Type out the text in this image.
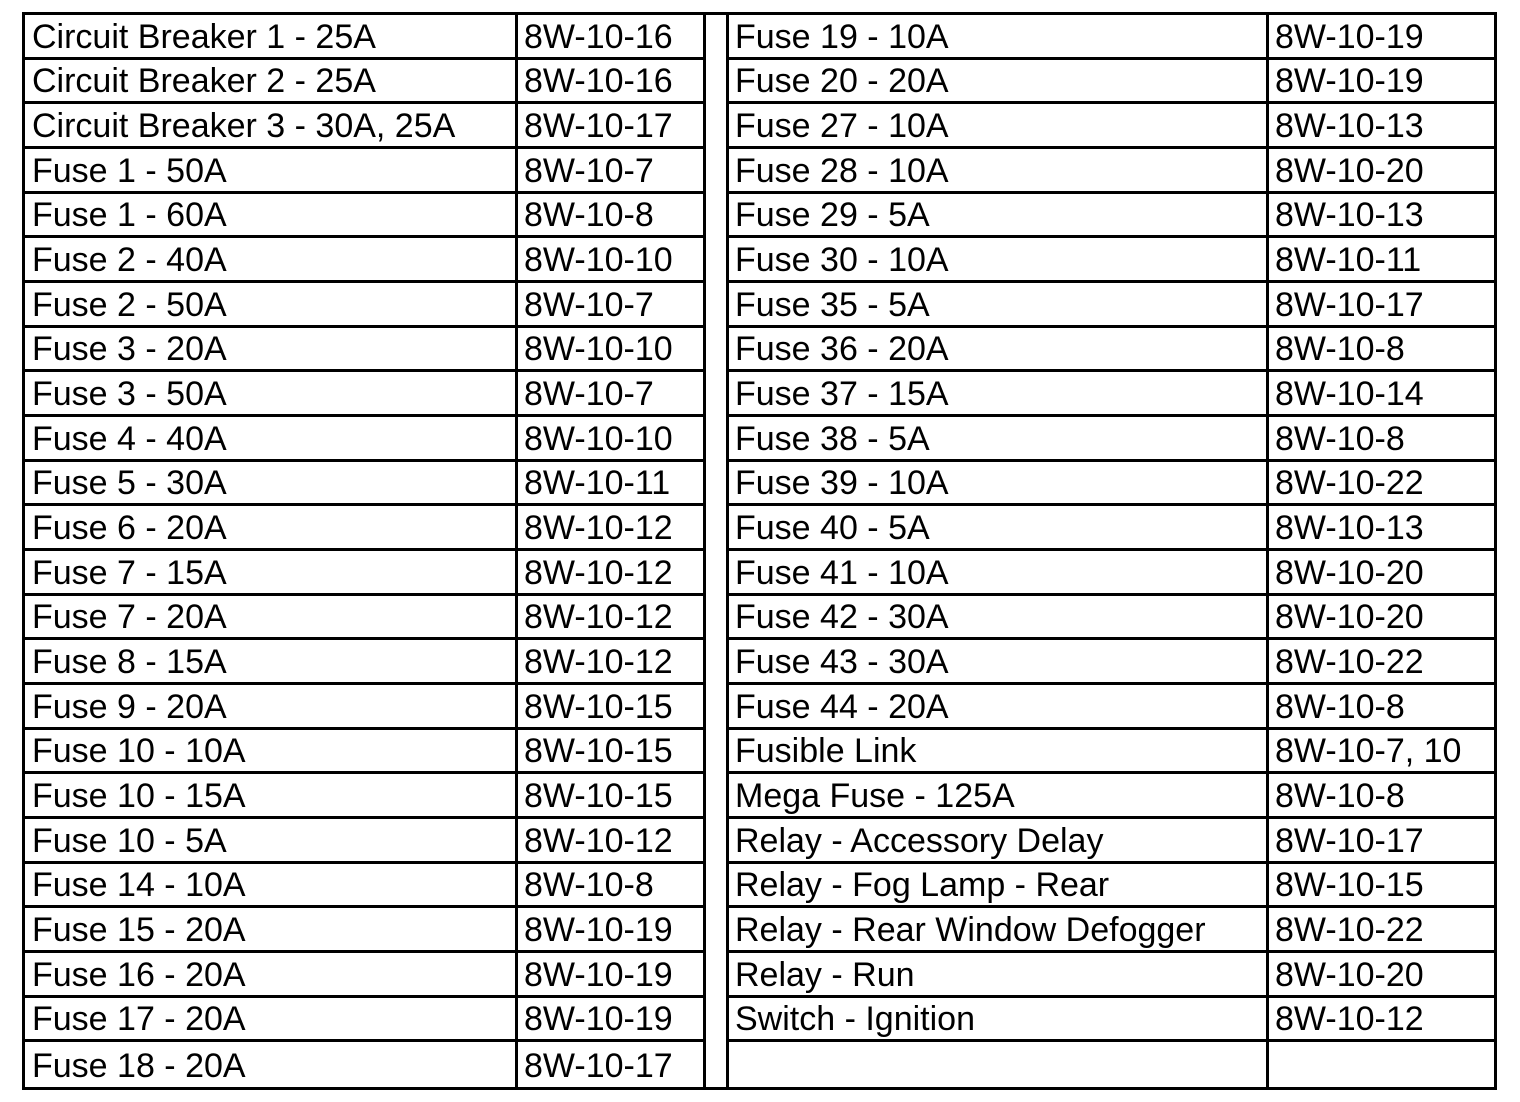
Circuit Breaker 1 - 25A	8W-10-16	Fuse 19 - 10A	8W-10-19
Circuit Breaker 2 - 25A	8W-10-16	Fuse 20 - 20A	8W-10-19
Circuit Breaker 3 - 30A, 25A	8W-10-17	Fuse 27 - 10A	8W-10-13
Fuse 1 - 50A	8W-10-7	Fuse 28 - 10A	8W-10-20
Fuse 1 - 60A	8W-10-8	Fuse 29 - 5A	8W-10-13
Fuse 2 - 40A	8W-10-10	Fuse 30 - 10A	8W-10-11
Fuse 2 - 50A	8W-10-7	Fuse 35 - 5A	8W-10-17
Fuse 3 - 20A	8W-10-10	Fuse 36 - 20A	8W-10-8
Fuse 3 - 50A	8W-10-7	Fuse 37 - 15A	8W-10-14
Fuse 4 - 40A	8W-10-10	Fuse 38 - 5A	8W-10-8
Fuse 5 - 30A	8W-10-11	Fuse 39 - 10A	8W-10-22
Fuse 6 - 20A	8W-10-12	Fuse 40 - 5A	8W-10-13
Fuse 7 - 15A	8W-10-12	Fuse 41 - 10A	8W-10-20
Fuse 7 - 20A	8W-10-12	Fuse 42 - 30A	8W-10-20
Fuse 8 - 15A	8W-10-12	Fuse 43 - 30A	8W-10-22
Fuse 9 - 20A	8W-10-15	Fuse 44 - 20A	8W-10-8
Fuse 10 - 10A	8W-10-15	Fusible Link	8W-10-7, 10
Fuse 10 - 15A	8W-10-15	Mega Fuse - 125A	8W-10-8
Fuse 10 - 5A	8W-10-12	Relay - Accessory Delay	8W-10-17
Fuse 14 - 10A	8W-10-8	Relay - Fog Lamp - Rear	8W-10-15
Fuse 15 - 20A	8W-10-19	Relay - Rear Window Defogger	8W-10-22
Fuse 16 - 20A	8W-10-19	Relay - Run	8W-10-20
Fuse 17 - 20A	8W-10-19	Switch - Ignition	8W-10-12
Fuse 18 - 20A	8W-10-17
